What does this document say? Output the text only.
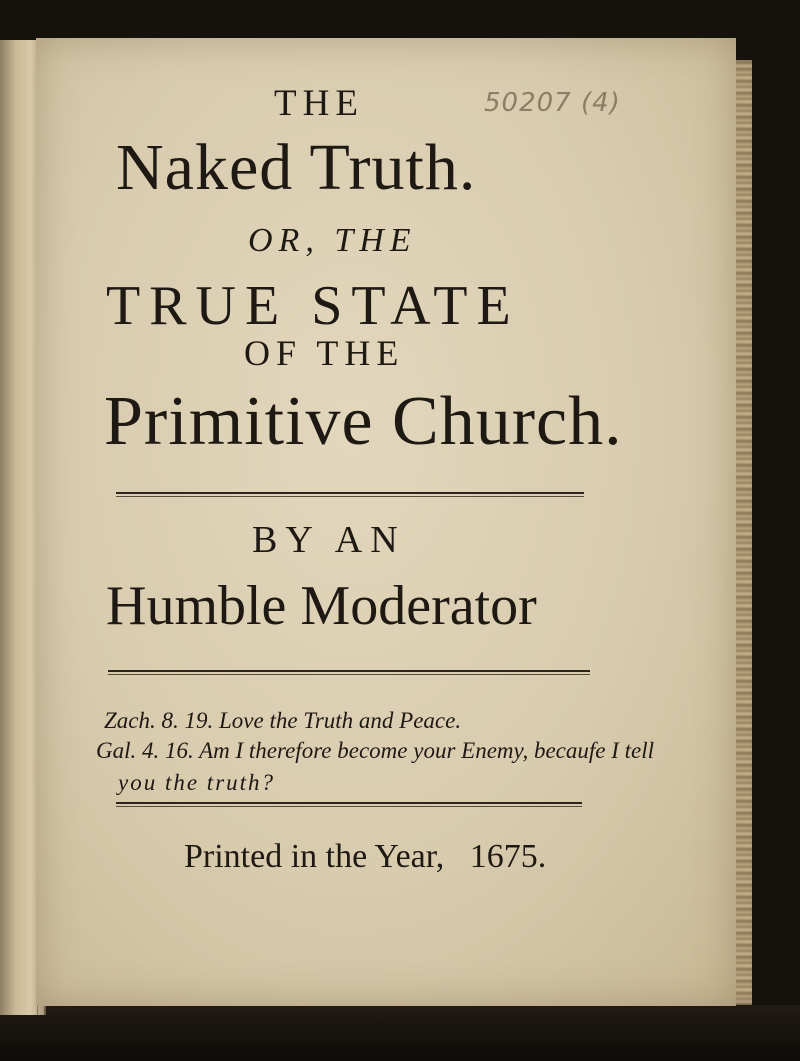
50207 (4)

THE

Naked Truth.

OR, THE

TRUE STATE

OF THE

Primitive Church.

BY AN

Humble Moderator

Zach. 8. 19. Love the Truth and Peace.

Gal. 4. 16. Am I therefore become your Enemy, becaufe I tell

you the truth?

Printed in the Year,   1675.
